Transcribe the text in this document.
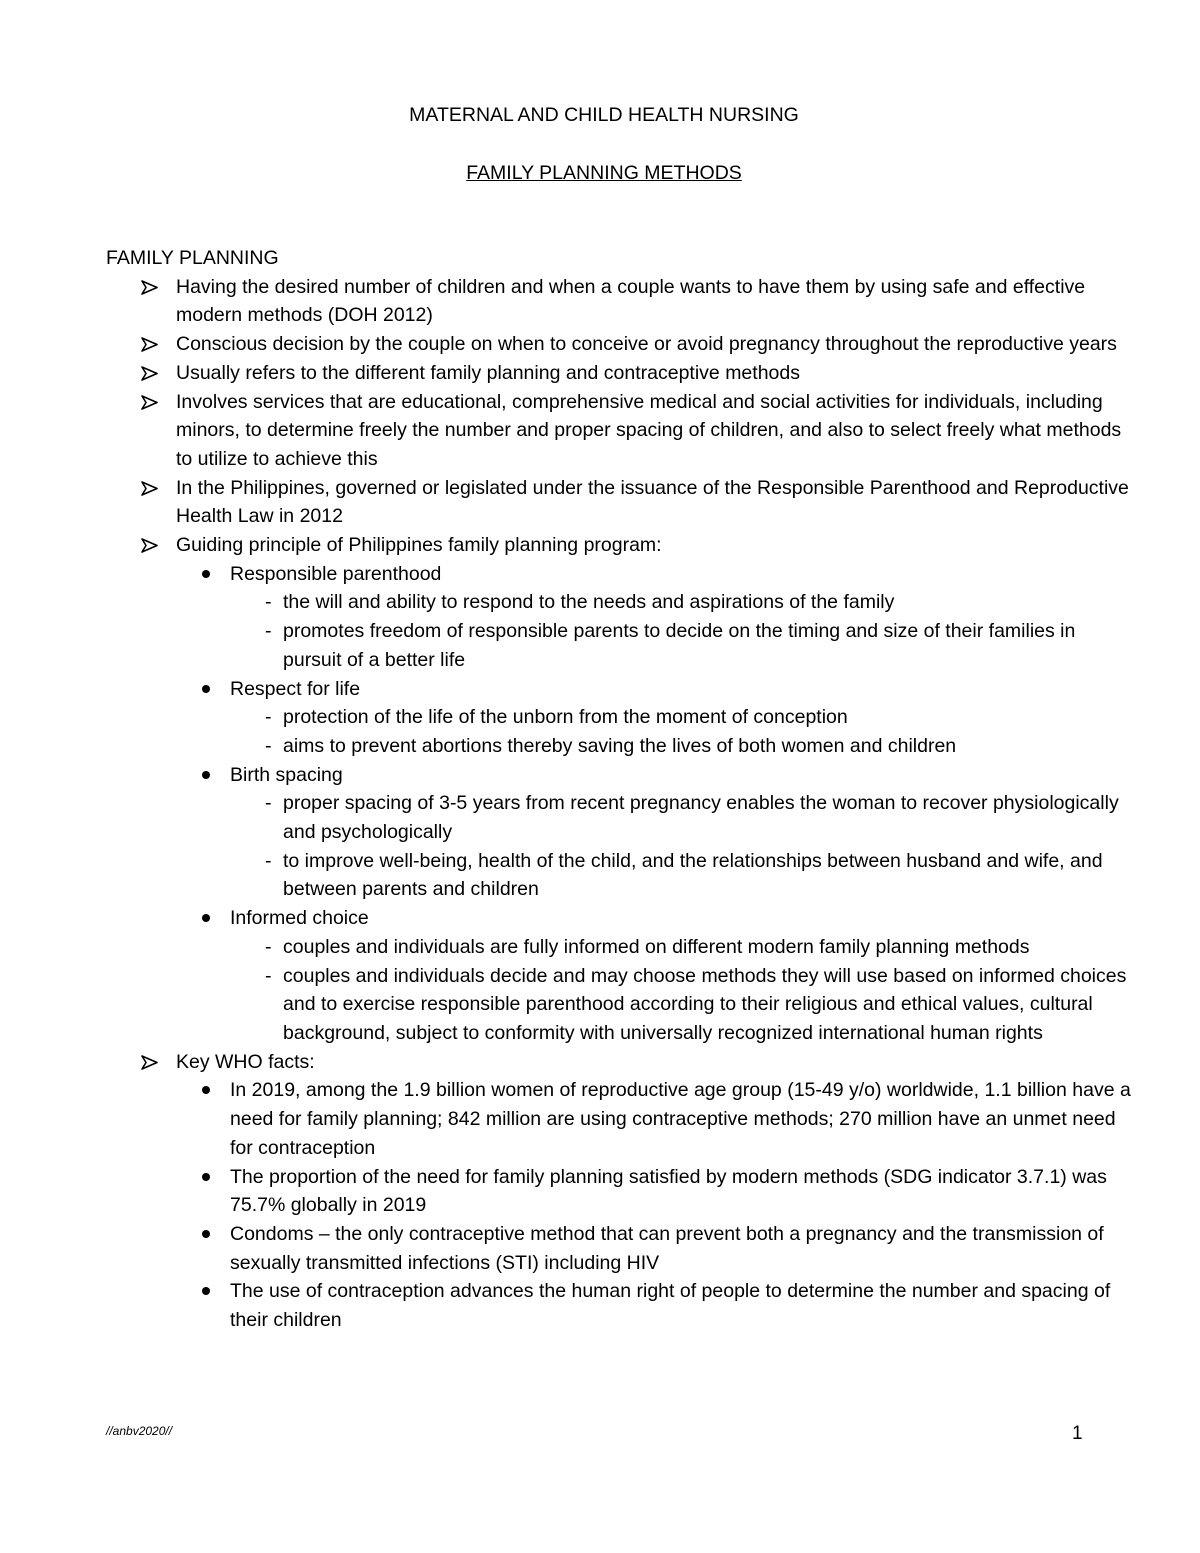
MATERNAL AND CHILD HEALTH NURSING
FAMILY PLANNING METHODS
FAMILY PLANNING
Having the desired number of children and when a couple wants to have them by using safe and effective modern methods (DOH 2012)
Conscious decision by the couple on when to conceive or avoid pregnancy throughout the reproductive years
Usually refers to the different family planning and contraceptive methods
Involves services that are educational, comprehensive medical and social activities for individuals, including minors, to determine freely the number and proper spacing of children, and also to select freely what methods to utilize to achieve this
In the Philippines, governed or legislated under the issuance of the Responsible Parenthood and Reproductive Health Law in 2012
Guiding principle of Philippines family planning program:
Responsible parenthood
- the will and ability to respond to the needs and aspirations of the family
- promotes freedom of responsible parents to decide on the timing and size of their families in pursuit of a better life
Respect for life
- protection of the life of the unborn from the moment of conception
- aims to prevent abortions thereby saving the lives of both women and children
Birth spacing
- proper spacing of 3-5 years from recent pregnancy enables the woman to recover physiologically and psychologically
- to improve well-being, health of the child, and the relationships between husband and wife, and between parents and children
Informed choice
- couples and individuals are fully informed on different modern family planning methods
- couples and individuals decide and may choose methods they will use based on informed choices and to exercise responsible parenthood according to their religious and ethical values, cultural background, subject to conformity with universally recognized international human rights
Key WHO facts:
In 2019, among the 1.9 billion women of reproductive age group (15-49 y/o) worldwide, 1.1 billion have a need for family planning; 842 million are using contraceptive methods; 270 million have an unmet need for contraception
The proportion of the need for family planning satisfied by modern methods (SDG indicator 3.7.1) was 75.7% globally in 2019
Condoms – the only contraceptive method that can prevent both a pregnancy and the transmission of sexually transmitted infections (STI) including HIV
The use of contraception advances the human right of people to determine the number and spacing of their children
//anbv2020//	1
